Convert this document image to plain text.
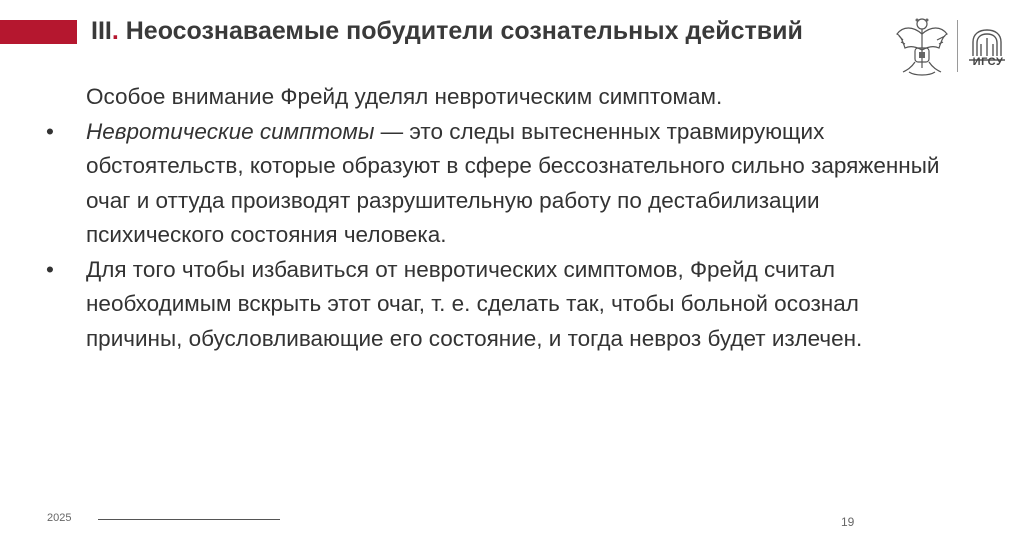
III. Неосознаваемые побудители сознательных действий
ИГСУ
Особое внимание Фрейд уделял невротическим симптомам.
• Невротические симптомы — это следы вытесненных травмирующих обстоятельств, которые образуют в сфере бессознательного сильно заряженный очаг и оттуда производят разрушительную работу по дестабилизации психического состояния человека.
• Для того чтобы избавиться от невротических симптомов, Фрейд считал необходимым вскрыть этот очаг, т. е. сделать так, чтобы больной осознал причины, обусловливающие его состояние, и тогда невроз будет излечен.
2025	19
